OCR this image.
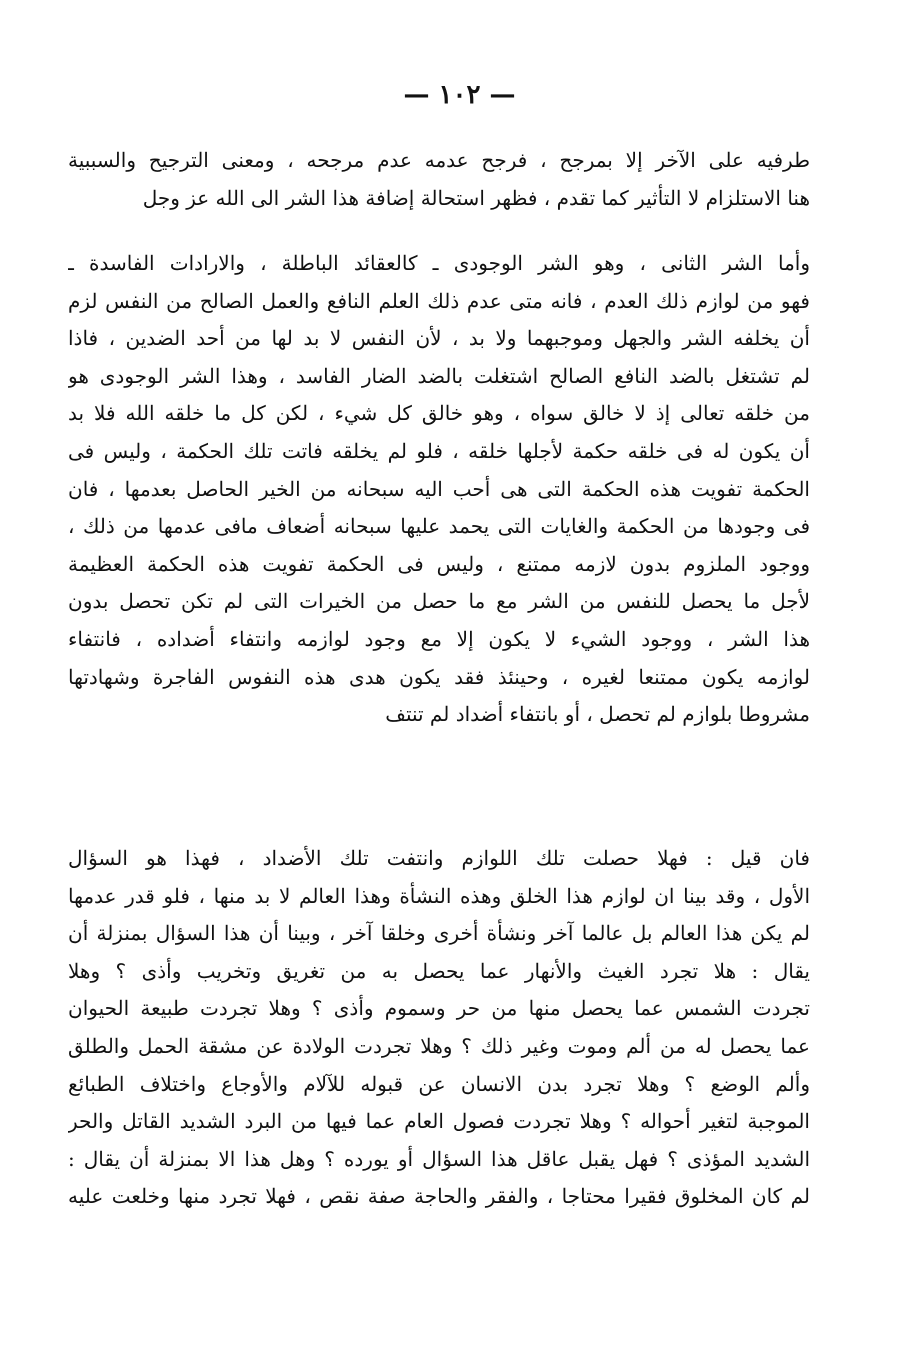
— ١٠٢ —
طرفيه على الآخر إلا بمرجح ، فرجح عدمه عدم مرجحه ، ومعنى الترجيح والسببية
هنا الاستلزام لا التأثير كما تقدم ، فظهر استحالة إضافة هذا الشر الى الله عز وجل
وأما الشر الثانى ، وهو الشر الوجودى ـ كالعقائد الباطلة ، والارادات الفاسدة ـ
فهو من لوازم ذلك العدم ، فانه متى عدم ذلك العلم النافع والعمل الصالح من النفس لزم
أن يخلفه الشر والجهل وموجبهما ولا بد ، لأن النفس لا بد لها من أحد الضدين ، فاذا
لم تشتغل بالضد النافع الصالح اشتغلت بالضد الضار الفاسد ، وهذا الشر الوجودى هو
من خلقه تعالى إذ لا خالق سواه ، وهو خالق كل شيء ، لكن كل ما خلقه الله فلا بد
أن يكون له فى خلقه حكمة لأجلها خلقه ، فلو لم يخلقه فاتت تلك الحكمة ، وليس فى
الحكمة تفويت هذه الحكمة التى هى أحب اليه سبحانه من الخير الحاصل بعدمها ، فان
فى وجودها من الحكمة والغايات التى يحمد عليها سبحانه أضعاف مافى عدمها من ذلك ،
ووجود الملزوم بدون لازمه ممتنع ، وليس فى الحكمة تفويت هذه الحكمة العظيمة
لأجل ما يحصل للنفس من الشر مع ما حصل من الخيرات التى لم تكن تحصل بدون
هذا الشر ، ووجود الشيء لا يكون إلا مع وجود لوازمه وانتفاء أضداده ، فانتفاء
لوازمه يكون ممتنعا لغيره ، وحينئذ فقد يكون هدى هذه النفوس الفاجرة وشهادتها
مشروطا بلوازم لم تحصل ، أو بانتفاء أضداد لم تنتف
فان قيل : فهلا حصلت تلك اللوازم وانتفت تلك الأضداد ، فهذا هو السؤال
الأول ، وقد بينا ان لوازم هذا الخلق وهذه النشأة وهذا العالم لا بد منها ، فلو قدر عدمها
لم يكن هذا العالم بل عالما آخر ونشأة أخرى وخلقا آخر ، وبينا أن هذا السؤال بمنزلة أن
يقال : هلا تجرد الغيث والأنهار عما يحصل به من تغريق وتخريب وأذى ؟ وهلا
تجردت الشمس عما يحصل منها من حر وسموم وأذى ؟ وهلا تجردت طبيعة الحيوان
عما يحصل له من ألم وموت وغير ذلك ؟ وهلا تجردت الولادة عن مشقة الحمل والطلق
وألم الوضع ؟ وهلا تجرد بدن الانسان عن قبوله للآلام والأوجاع واختلاف الطبائع
الموجبة لتغير أحواله ؟ وهلا تجردت فصول العام عما فيها من البرد الشديد القاتل والحر
الشديد المؤذى ؟ فهل يقبل عاقل هذا السؤال أو يورده ؟ وهل هذا الا بمنزلة أن يقال :
لم كان المخلوق فقيرا محتاجا ، والفقر والحاجة صفة نقص ، فهلا تجرد منها وخلعت عليه
